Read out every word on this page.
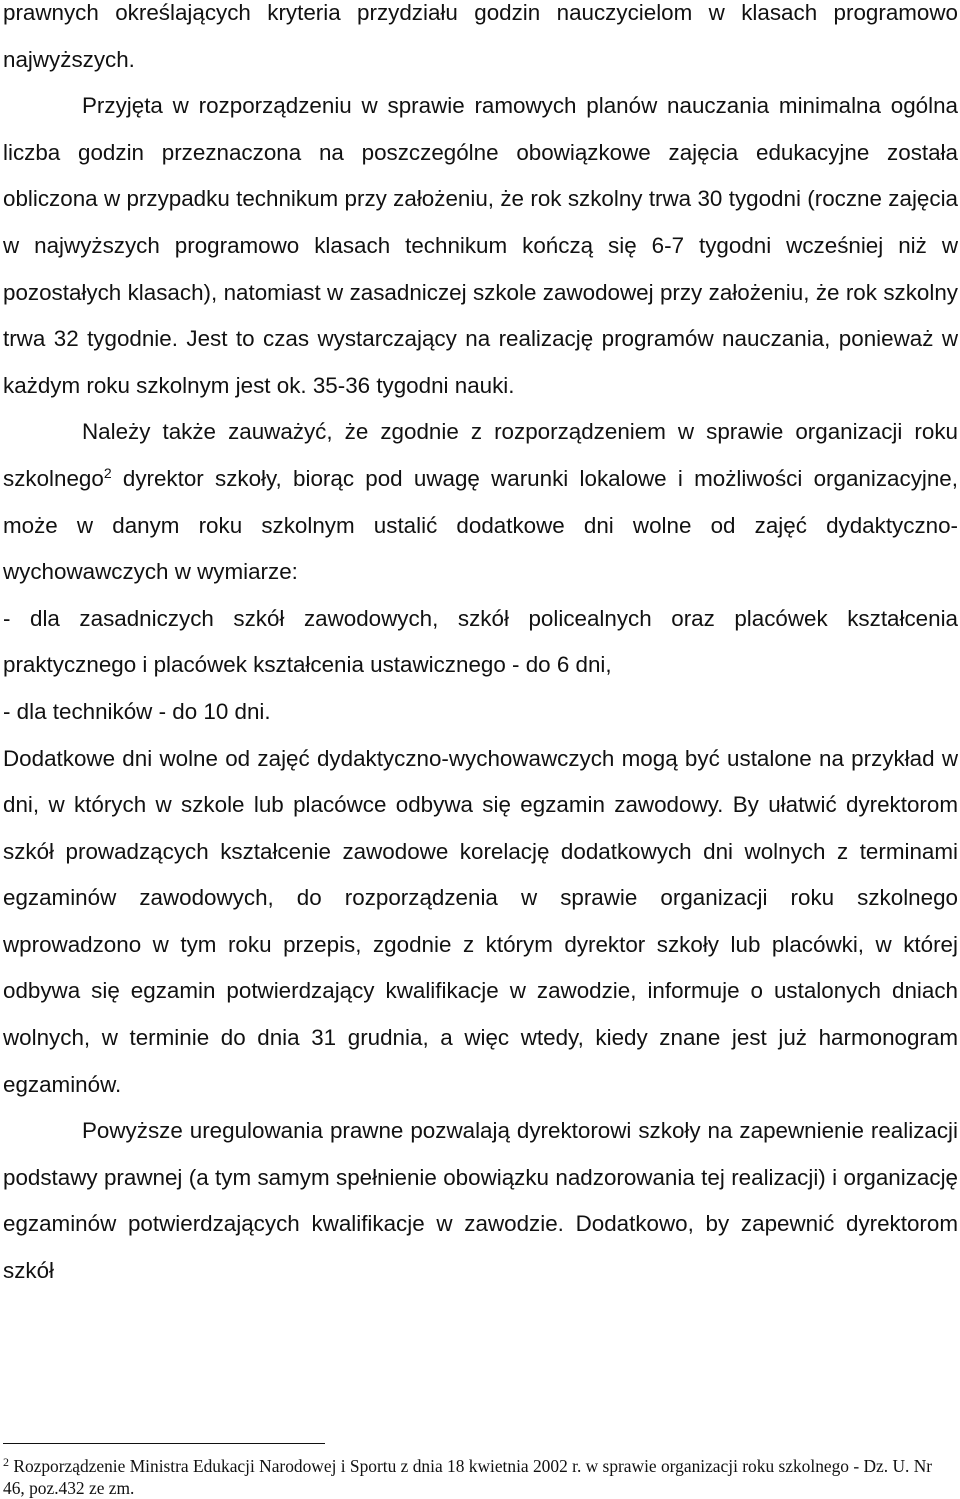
prawnych określających kryteria przydziału godzin nauczycielom w klasach programowo najwyższych.

Przyjęta w rozporządzeniu w sprawie ramowych planów nauczania minimalna ogólna liczba godzin przeznaczona na poszczególne obowiązkowe zajęcia edukacyjne została obliczona w przypadku technikum przy założeniu, że rok szkolny trwa 30 tygodni (roczne zajęcia w najwyższych programowo klasach technikum kończą się 6-7 tygodni wcześniej niż w pozostałych klasach), natomiast w zasadniczej szkole zawodowej przy założeniu, że rok szkolny trwa 32 tygodnie. Jest to czas wystarczający na realizację programów nauczania, ponieważ w każdym roku szkolnym jest ok. 35-36 tygodni nauki.

Należy także zauważyć, że zgodnie z rozporządzeniem w sprawie organizacji roku szkolnego$^2$ dyrektor szkoły, biorąc pod uwagę warunki lokalowe i możliwości organizacyjne, może w danym roku szkolnym ustalić dodatkowe dni wolne od zajęć dydaktyczno-wychowawczych w wymiarze:

- dla zasadniczych szkół zawodowych, szkół policealnych oraz placówek kształcenia praktycznego i placówek kształcenia ustawicznego - do 6 dni,

- dla techników - do 10 dni.

Dodatkowe dni wolne od zajęć dydaktyczno-wychowawczych mogą być ustalone na przykład w dni, w których w szkole lub placówce odbywa się egzamin zawodowy. By ułatwić dyrektorom szkół prowadzących kształcenie zawodowe korelację dodatkowych dni wolnych z terminami egzaminów zawodowych, do rozporządzenia w sprawie organizacji roku szkolnego wprowadzono w tym roku przepis, zgodnie z którym dyrektor szkoły lub placówki, w której odbywa się egzamin potwierdzający kwalifikacje w zawodzie, informuje o ustalonych dniach wolnych, w terminie do dnia 31 grudnia, a więc wtedy, kiedy znane jest już harmonogram egzaminów.

Powyższe uregulowania prawne pozwalają dyrektorowi szkoły na zapewnienie realizacji podstawy prawnej (a tym samym spełnienie obowiązku nadzorowania tej realizacji) i organizację egzaminów potwierdzających kwalifikacje w zawodzie. Dodatkowo, by zapewnić dyrektorom szkół

$^2$ Rozporządzenie Ministra Edukacji Narodowej i Sportu z dnia 18 kwietnia 2002 r. w sprawie organizacji roku szkolnego - Dz. U. Nr 46, poz.432 ze zm.
